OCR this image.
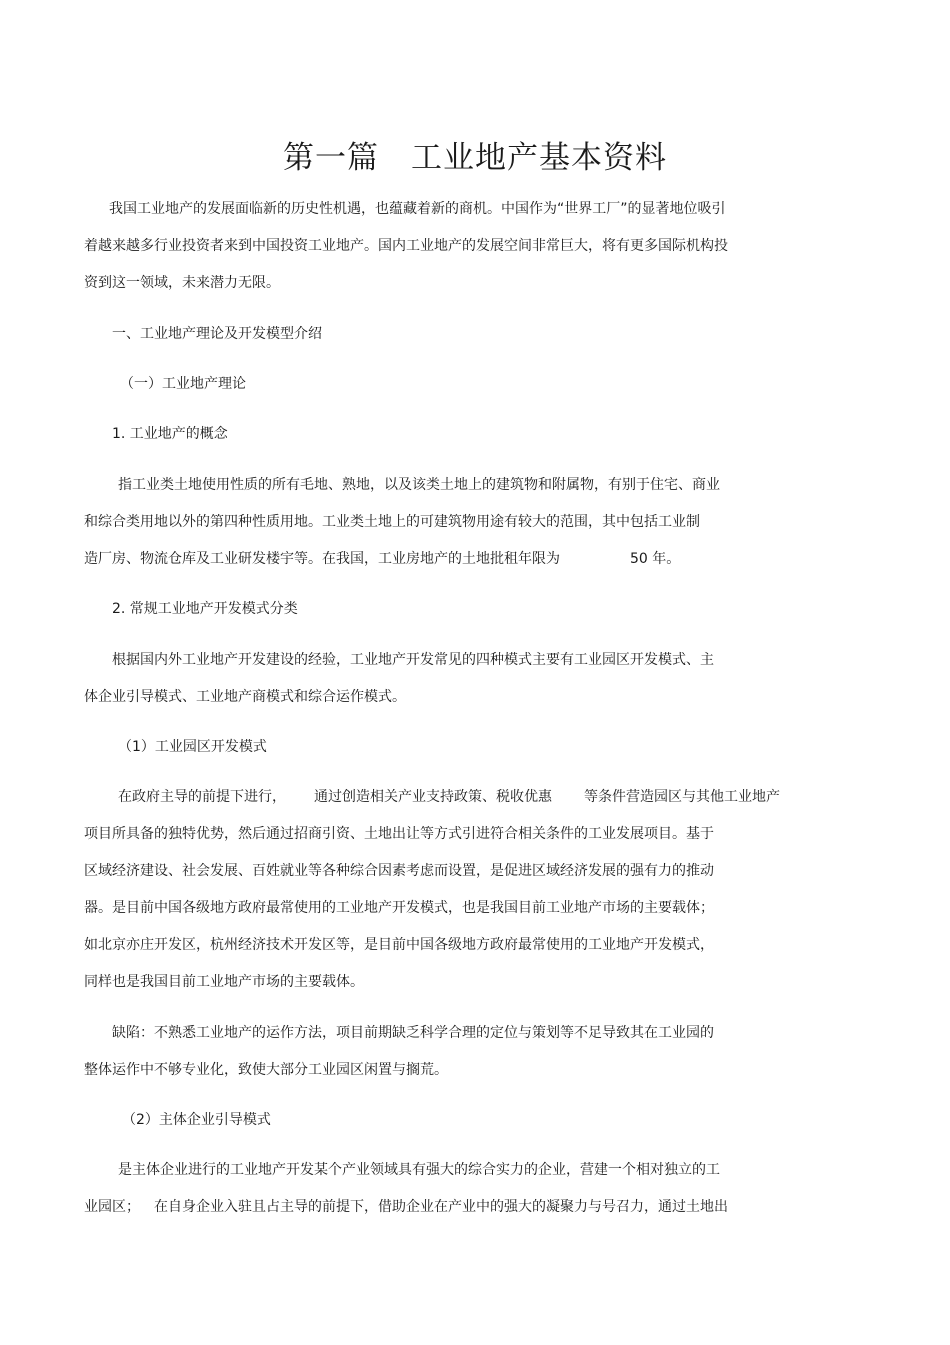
第一篇　工业地产基本资料
我国工业地产的发展面临新的历史性机遇，也蕴藏着新的商机。中国作为“世界工厂”的显著地位吸引
着越来越多行业投资者来到中国投资工业地产。国内工业地产的发展空间非常巨大，将有更多国际机构投
资到这一领域，未来潜力无限。
一、工业地产理论及开发模型介绍
（一）工业地产理论
1. 工业地产的概念
指工业类土地使用性质的所有毛地、熟地，以及该类土地上的建筑物和附属物，有别于住宅、商业
和综合类用地以外的第四种性质用地。工业类土地上的可建筑物用途有较大的范围，其中包括工业制
造厂房、物流仓库及工业研发楼宇等。在我国，工业房地产的土地批租年限为	50 年。
2. 常规工业地产开发模式分类
根据国内外工业地产开发建设的经验，工业地产开发常见的四种模式主要有工业园区开发模式、主
体企业引导模式、工业地产商模式和综合运作模式。
（1）工业园区开发模式
在政府主导的前提下进行， 通过创造相关产业支持政策、税收优惠 等条件营造园区与其他工业地产
项目所具备的独特优势，然后通过招商引资、土地出让等方式引进符合相关条件的工业发展项目。基于
区域经济建设、社会发展、百姓就业等各种综合因素考虑而设置，是促进区域经济发展的强有力的推动
器。是目前中国各级地方政府最常使用的工业地产开发模式，也是我国目前工业地产市场的主要载体；
如北京亦庄开发区，杭州经济技术开发区等，是目前中国各级地方政府最常使用的工业地产开发模式，
同样也是我国目前工业地产市场的主要载体。
缺陷：不熟悉工业地产的运作方法，项目前期缺乏科学合理的定位与策划等不足导致其在工业园的
整体运作中不够专业化，致使大部分工业园区闲置与搁荒。
（2）主体企业引导模式
是主体企业进行的工业地产开发某个产业领域具有强大的综合实力的企业，营建一个相对独立的工
业园区； 在自身企业入驻且占主导的前提下，借助企业在产业中的强大的凝聚力与号召力，通过土地出
